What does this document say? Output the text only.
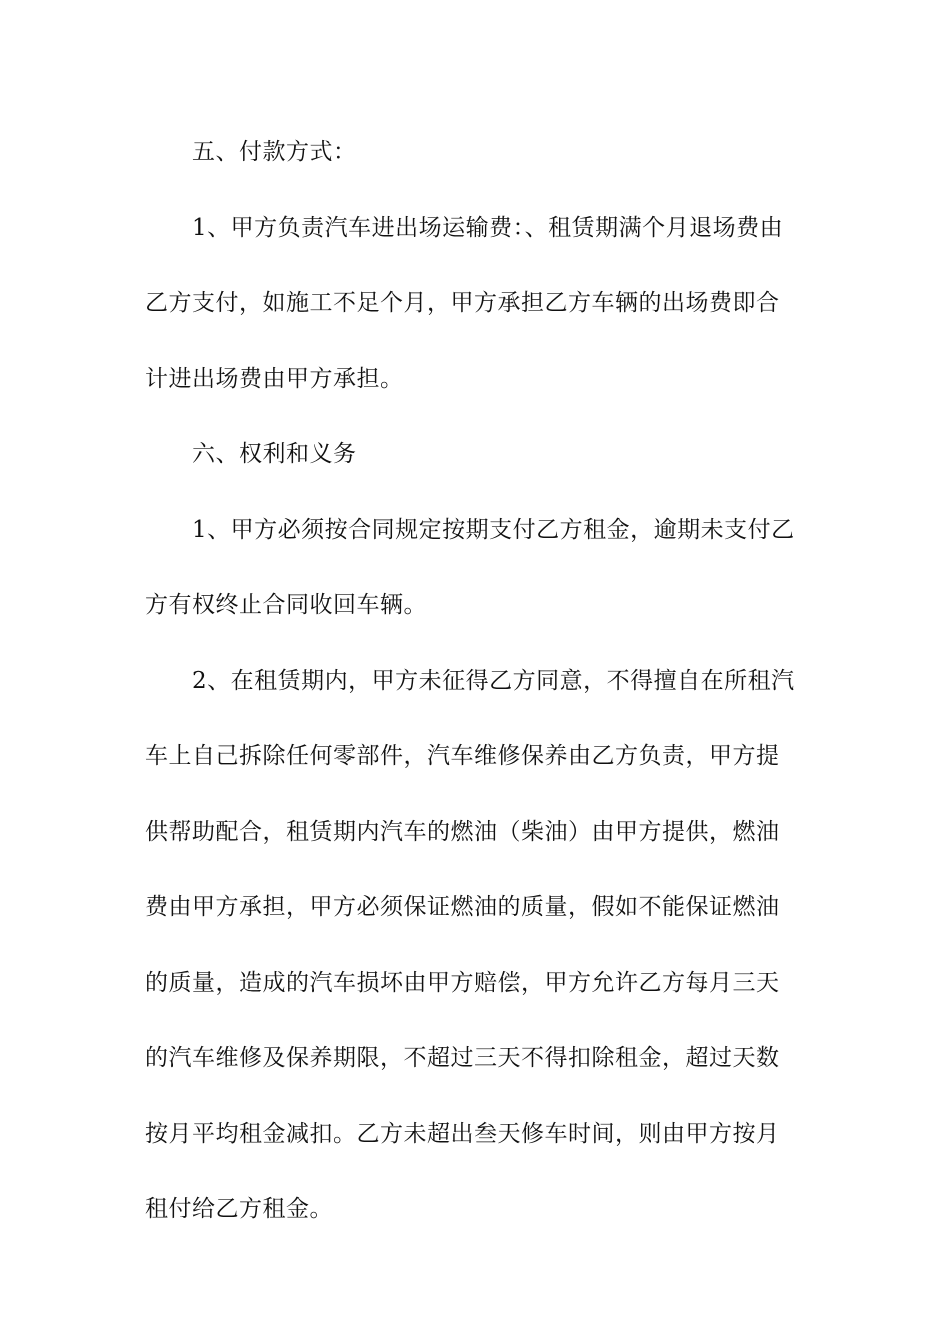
五、付款方式：
1、甲方负责汽车进出场运输费：、租赁期满个月退场费由
乙方支付，如施工不足个月，甲方承担乙方车辆的出场费即合
计进出场费由甲方承担。
六、权利和义务
1、甲方必须按合同规定按期支付乙方租金，逾期未支付乙
方有权终止合同收回车辆。
2、在租赁期内，甲方未征得乙方同意，不得擅自在所租汽
车上自己拆除任何零部件，汽车维修保养由乙方负责，甲方提
供帮助配合，租赁期内汽车的燃油（柴油）由甲方提供，燃油
费由甲方承担，甲方必须保证燃油的质量，假如不能保证燃油
的质量，造成的汽车损坏由甲方赔偿，甲方允许乙方每月三天
的汽车维修及保养期限，不超过三天不得扣除租金，超过天数
按月平均租金减扣。乙方未超出叁天修车时间，则由甲方按月
租付给乙方租金。
